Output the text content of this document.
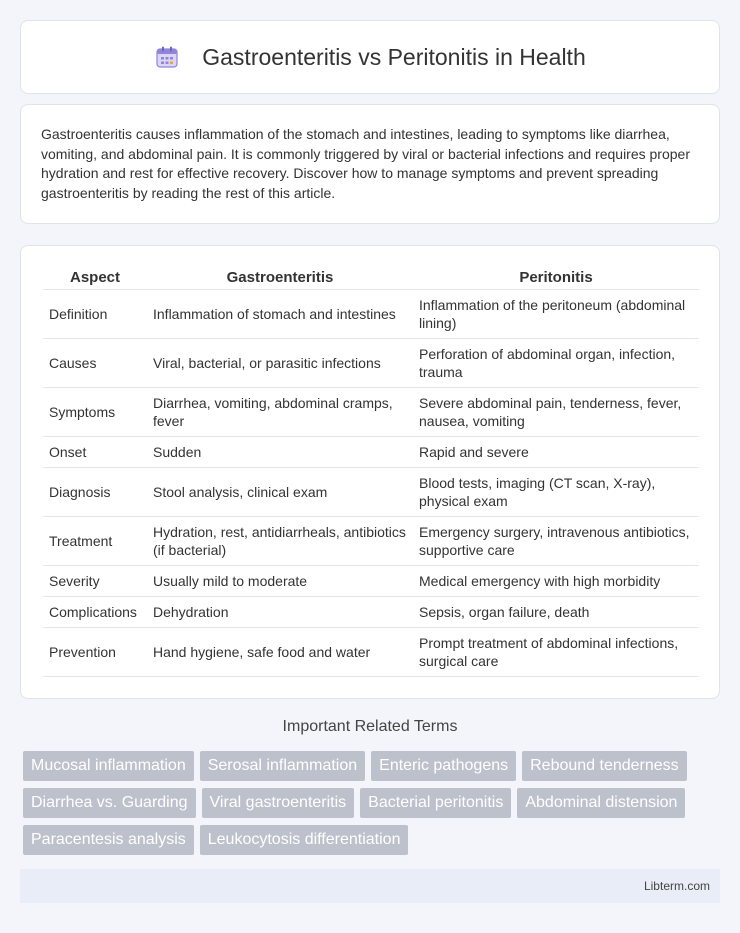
Gastroenteritis vs Peritonitis in Health

Gastroenteritis causes inflammation of the stomach and intestines, leading to symptoms like diarrhea, vomiting, and abdominal pain. It is commonly triggered by viral or bacterial infections and requires proper hydration and rest for effective recovery. Discover how to manage symptoms and prevent spreading gastroenteritis by reading the rest of this article.

Aspect	Gastroenteritis	Peritonitis
Definition	Inflammation of stomach and intestines	Inflammation of the peritoneum (abdominal lining)
Causes	Viral, bacterial, or parasitic infections	Perforation of abdominal organ, infection, trauma
Symptoms	Diarrhea, vomiting, abdominal cramps, fever	Severe abdominal pain, tenderness, fever, nausea, vomiting
Onset	Sudden	Rapid and severe
Diagnosis	Stool analysis, clinical exam	Blood tests, imaging (CT scan, X-ray), physical exam
Treatment	Hydration, rest, antidiarrheals, antibiotics (if bacterial)	Emergency surgery, intravenous antibiotics, supportive care
Severity	Usually mild to moderate	Medical emergency with high morbidity
Complications	Dehydration	Sepsis, organ failure, death
Prevention	Hand hygiene, safe food and water	Prompt treatment of abdominal infections, surgical care
Important Related Terms
Mucosal inflammation	Serosal inflammation	Enteric pathogens	Rebound tenderness
Diarrhea vs. Guarding	Viral gastroenteritis	Bacterial peritonitis	Abdominal distension
Paracentesis analysis	Leukocytosis differentiation
Libterm.com
